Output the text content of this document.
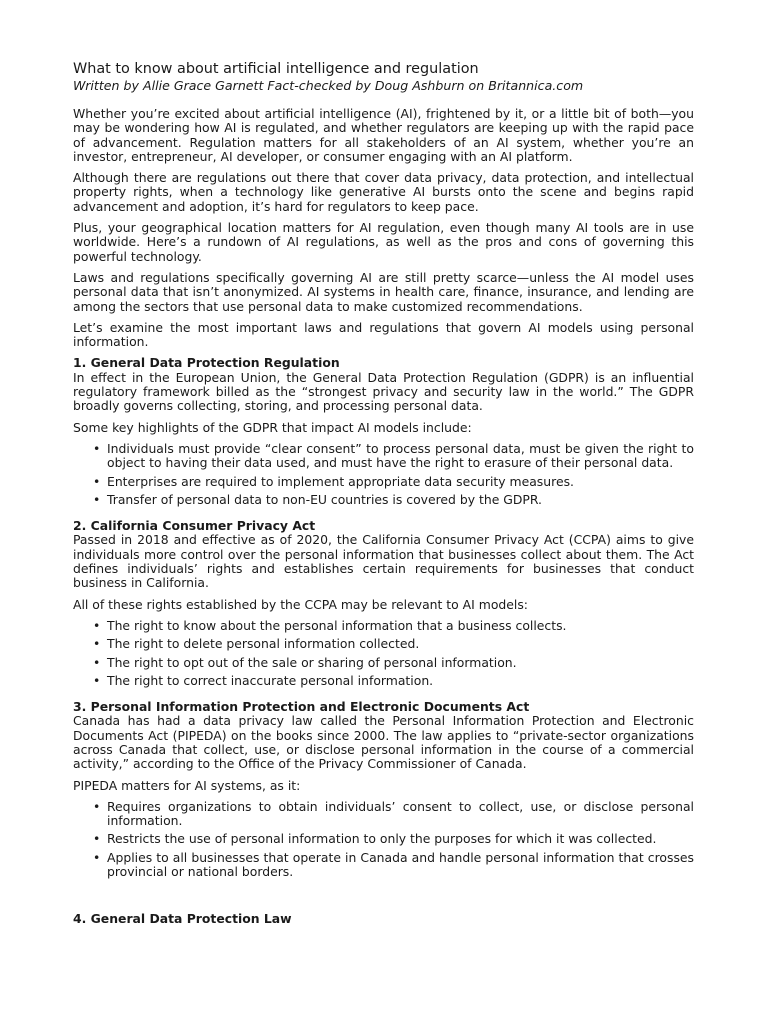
What to know about artificial intelligence and regulation
Written by Allie Grace Garnett Fact-checked by Doug Ashburn on Britannica.com

Whether you’re excited about artificial intelligence (AI), frightened by it, or a little bit of both—you may be wondering how AI is regulated, and whether regulators are keeping up with the rapid pace of advancement. Regulation matters for all stakeholders of an AI system, whether you’re an investor, entrepreneur, AI developer, or consumer engaging with an AI platform.

Although there are regulations out there that cover data privacy, data protection, and intellectual property rights, when a technology like generative AI bursts onto the scene and begins rapid advancement and adoption, it’s hard for regulators to keep pace.

Plus, your geographical location matters for AI regulation, even though many AI tools are in use worldwide. Here’s a rundown of AI regulations, as well as the pros and cons of governing this powerful technology.

Laws and regulations specifically governing AI are still pretty scarce—unless the AI model uses personal data that isn’t anonymized. AI systems in health care, finance, insurance, and lending are among the sectors that use personal data to make customized recommendations.

Let’s examine the most important laws and regulations that govern AI models using personal information.

1. General Data Protection Regulation

In effect in the European Union, the General Data Protection Regulation (GDPR) is an influential regulatory framework billed as the “strongest privacy and security law in the world.” The GDPR broadly governs collecting, storing, and processing personal data.

Some key highlights of the GDPR that impact AI models include:

• Individuals must provide “clear consent” to process personal data, must be given the right to object to having their data used, and must have the right to erasure of their personal data.
• Enterprises are required to implement appropriate data security measures.
• Transfer of personal data to non-EU countries is covered by the GDPR.
2. California Consumer Privacy Act

Passed in 2018 and effective as of 2020, the California Consumer Privacy Act (CCPA) aims to give individuals more control over the personal information that businesses collect about them. The Act defines individuals’ rights and establishes certain requirements for businesses that conduct business in California.

All of these rights established by the CCPA may be relevant to AI models:

• The right to know about the personal information that a business collects.
• The right to delete personal information collected.
• The right to opt out of the sale or sharing of personal information.
• The right to correct inaccurate personal information.
3. Personal Information Protection and Electronic Documents Act

Canada has had a data privacy law called the Personal Information Protection and Electronic Documents Act (PIPEDA) on the books since 2000. The law applies to “private-sector organizations across Canada that collect, use, or disclose personal information in the course of a commercial activity,” according to the Office of the Privacy Commissioner of Canada.

PIPEDA matters for AI systems, as it:

• Requires organizations to obtain individuals’ consent to collect, use, or disclose personal information.
• Restricts the use of personal information to only the purposes for which it was collected.
• Applies to all businesses that operate in Canada and handle personal information that crosses provincial or national borders.
4. General Data Protection Law
